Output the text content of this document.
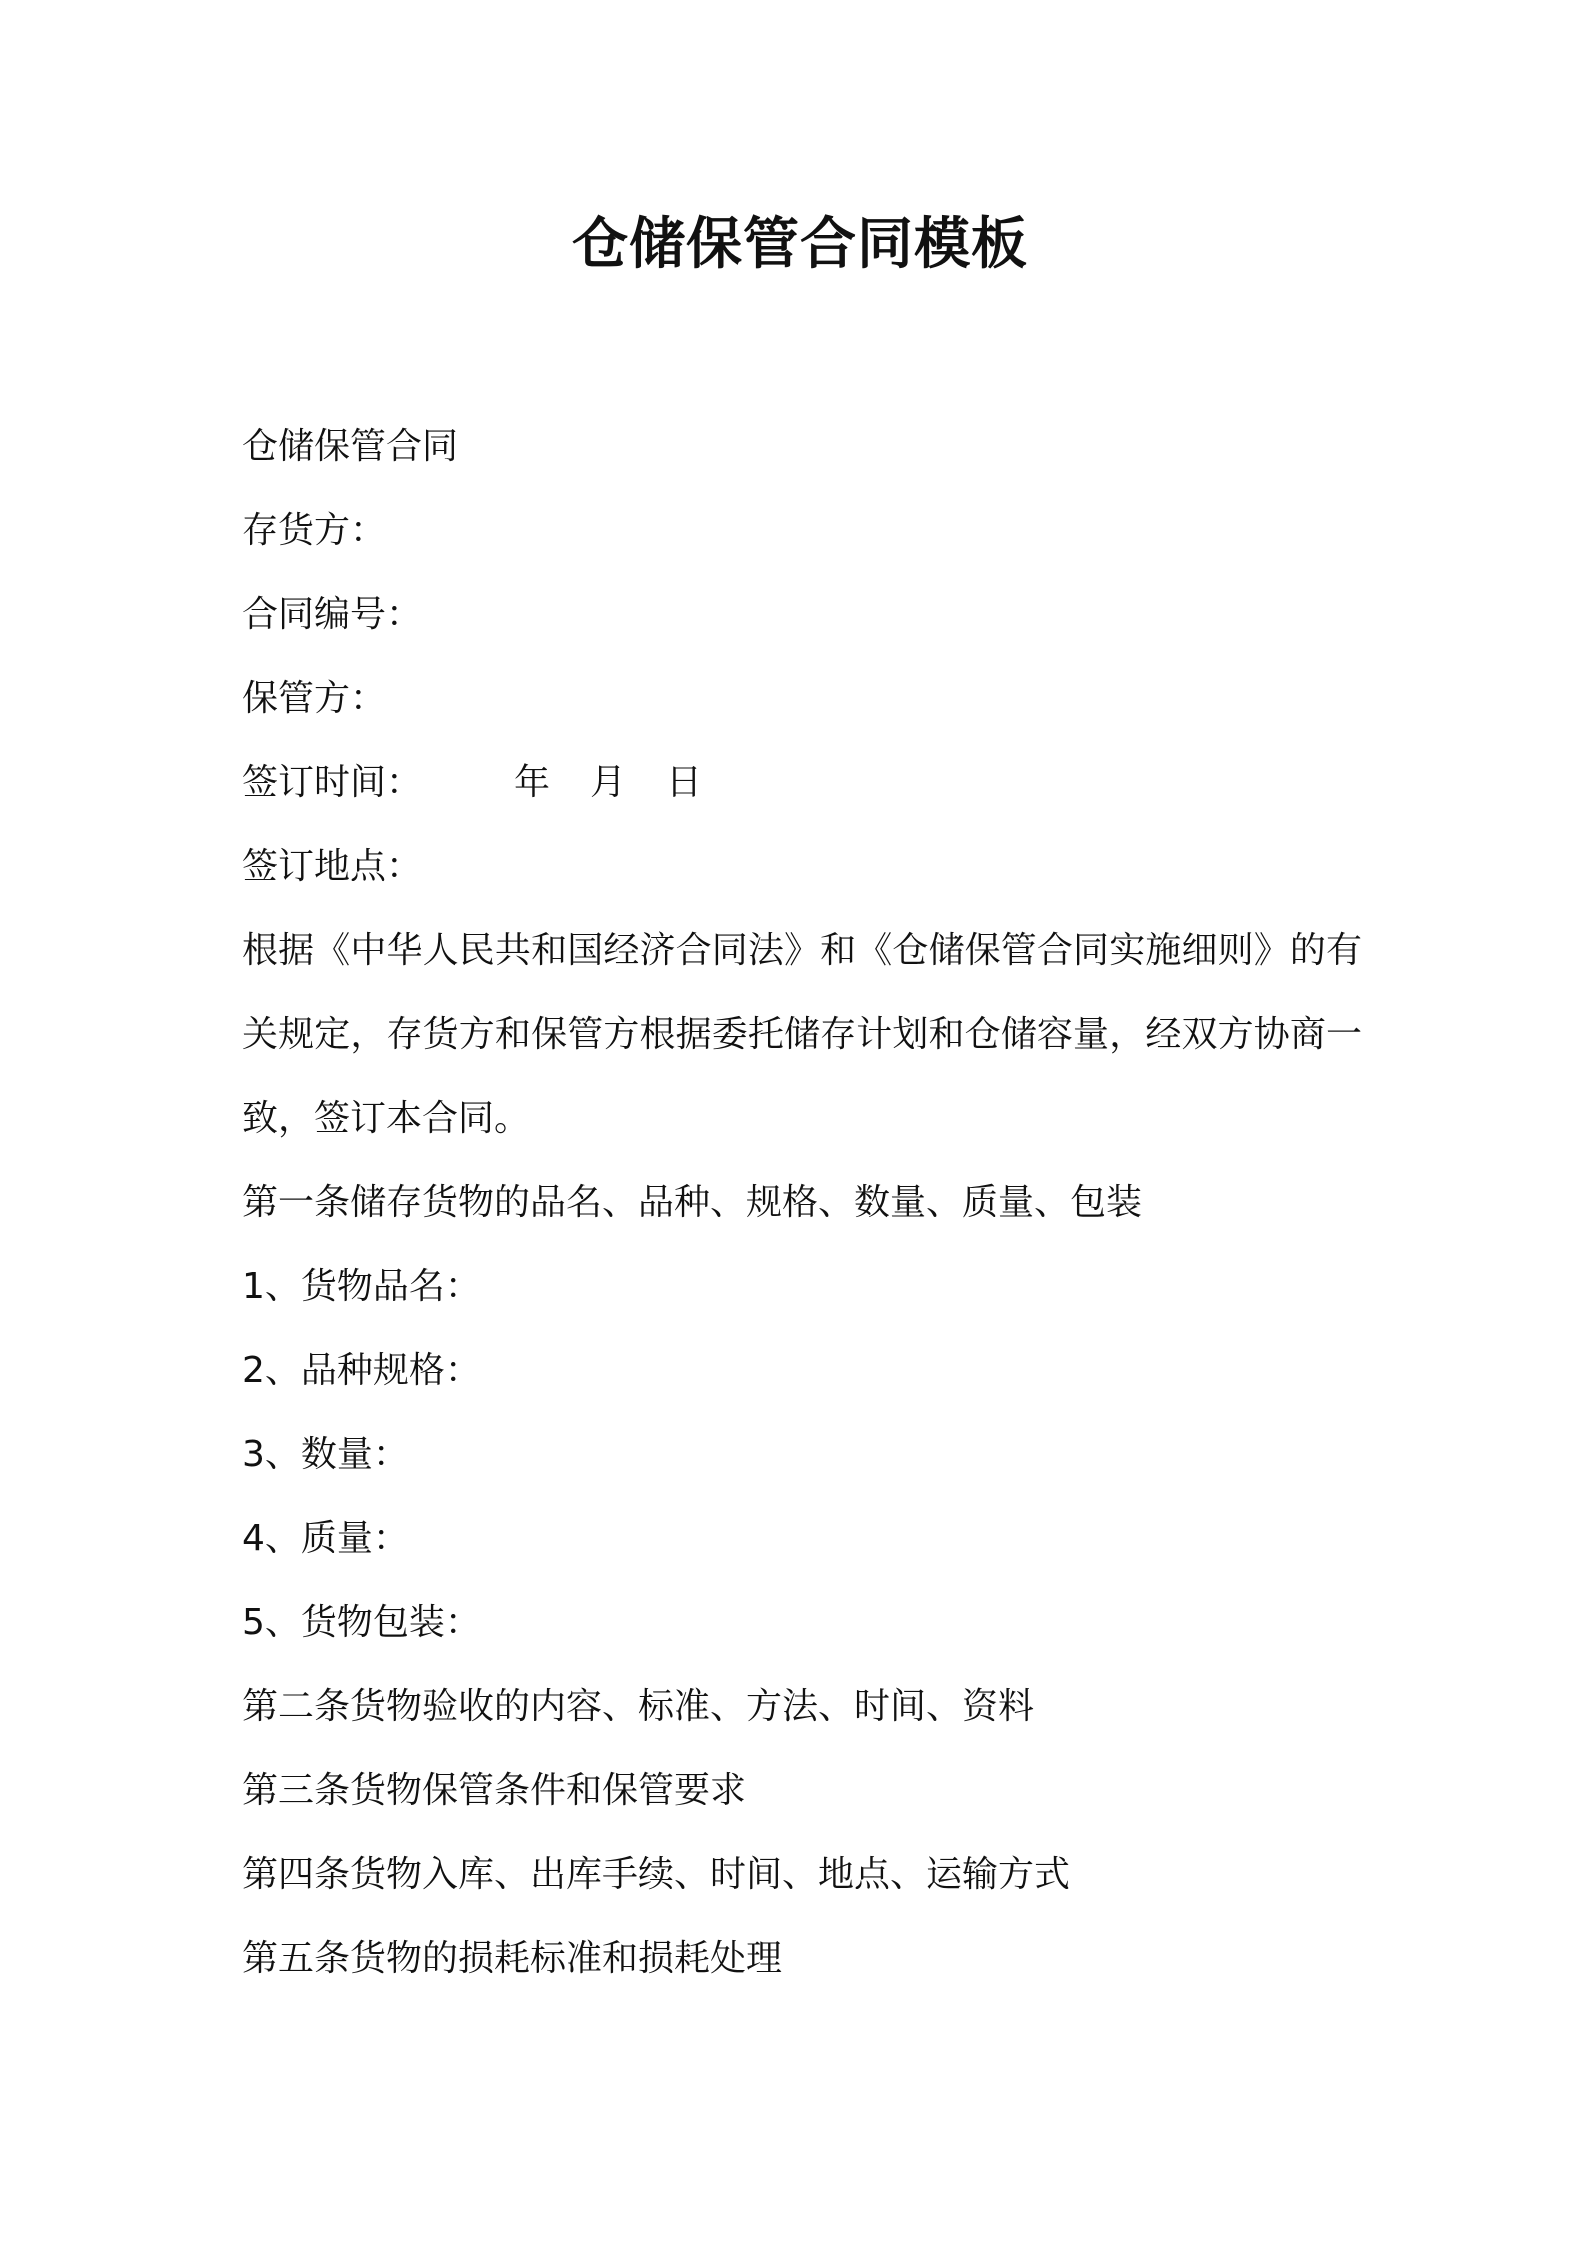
仓储保管合同模板
仓储保管合同
存货方：
合同编号：
保管方：
签订时间：	年 月 日
签订地点：
根据《中华人民共和国经济合同法》和《仓储保管合同实施细则》的有关规定，存货方和保管方根据委托储存计划和仓储容量，经双方协商一致，签订本合同。
第一条储存货物的品名、品种、规格、数量、质量、包装
1、货物品名：
2、品种规格：
3、数量：
4、质量：
5、货物包装：
第二条货物验收的内容、标准、方法、时间、资料
第三条货物保管条件和保管要求
第四条货物入库、出库手续、时间、地点、运输方式
第五条货物的损耗标准和损耗处理
